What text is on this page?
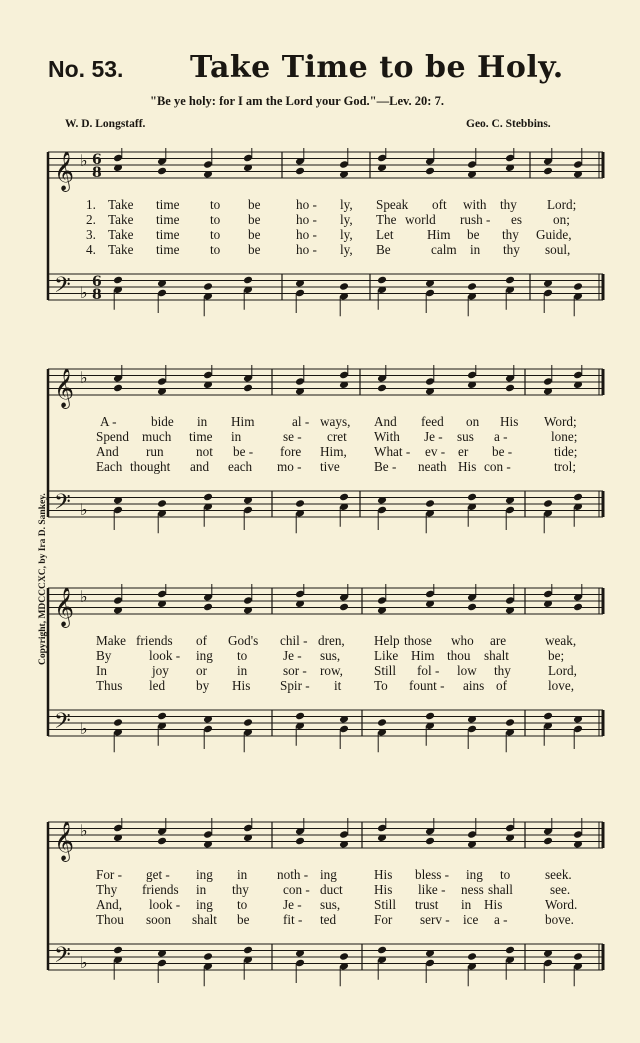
No. 53. Take Time to be Holy.
"Be ye holy: for I am the Lord your God."—Lev. 20: 7.
W. D. Longstaff.	Geo. C. Stebbins.
Copyright, MDCCCXC, by Ira D. Sankey.
𝄞 ♭
𝄢 ♭
6
8
6
8
1. Take time to be	ho - ly, Speak oft with thy Lord;
2. Take time to be	ho - ly, The world rush - es on;
3. Take time to be	ho - ly, Let	Him be thy Guide,
4. Take time to be	ho - ly, Be	calm in thy soul,
𝄞 ♭
𝄢 ♭
A -	bide in Him	al - ways, And feed on His Word;
Spend much time in	se - cret With Je - sus a -	lone;
And run not be - fore Him, What - ev - er be -	tide;
Each thought and each mo - tive	Be - neath His con -	trol;
𝄞 ♭
𝄢 ♭
Make friends of God's chil - dren, Help those who are	weak,
By	look - ing to	Je - sus,	Like Him thou shalt	be;
In	joy or in	sor - row, Still fol - low thy	Lord,
Thus led by His Spir - it To fount - ains of	love,
𝄞 ♭
𝄢 ♭
For - get - ing in noth - ing	His bless - ing to	seek.
Thy friends in thy	con - duct His like - ness shall	see.
And, look - ing to	Je - sus,	Still trust in His	Word.
Thou soon shalt be	fit - ted	For serv - ice a -	bove.
